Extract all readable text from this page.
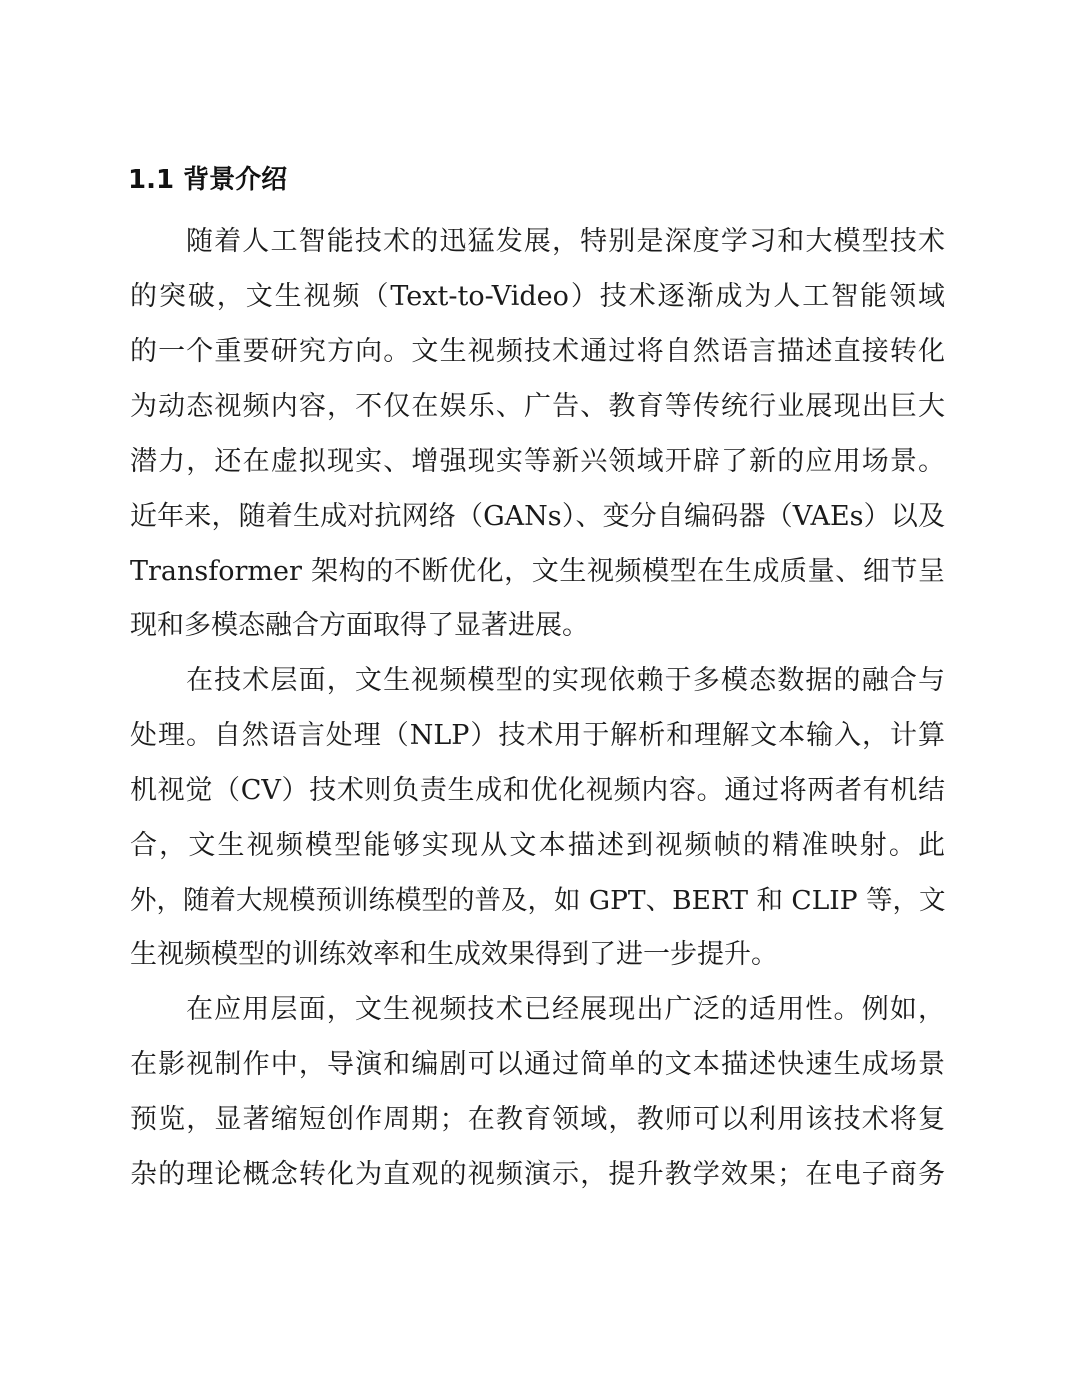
1.1 背景介绍

随着人工智能技术的迅猛发展，特别是深度学习和大模型技术

的突破，文生视频（Text-to-Video）技术逐渐成为人工智能领域

的一个重要研究方向。文生视频技术通过将自然语言描述直接转化

为动态视频内容，不仅在娱乐、广告、教育等传统行业展现出巨大

潜力，还在虚拟现实、增强现实等新兴领域开辟了新的应用场景。

近年来，随着生成对抗网络（GANs）、变分自编码器（VAEs）以及

Transformer 架构的不断优化，文生视频模型在生成质量、细节呈

现和多模态融合方面取得了显著进展。

在技术层面，文生视频模型的实现依赖于多模态数据的融合与

处理。自然语言处理（NLP）技术用于解析和理解文本输入，计算

机视觉（CV）技术则负责生成和优化视频内容。通过将两者有机结

合，文生视频模型能够实现从文本描述到视频帧的精准映射。此

外，随着大规模预训练模型的普及，如 GPT、BERT 和 CLIP 等，文

生视频模型的训练效率和生成效果得到了进一步提升。

在应用层面，文生视频技术已经展现出广泛的适用性。例如，

在影视制作中，导演和编剧可以通过简单的文本描述快速生成场景

预览，显著缩短创作周期；在教育领域，教师可以利用该技术将复

杂的理论概念转化为直观的视频演示，提升教学效果；在电子商务
